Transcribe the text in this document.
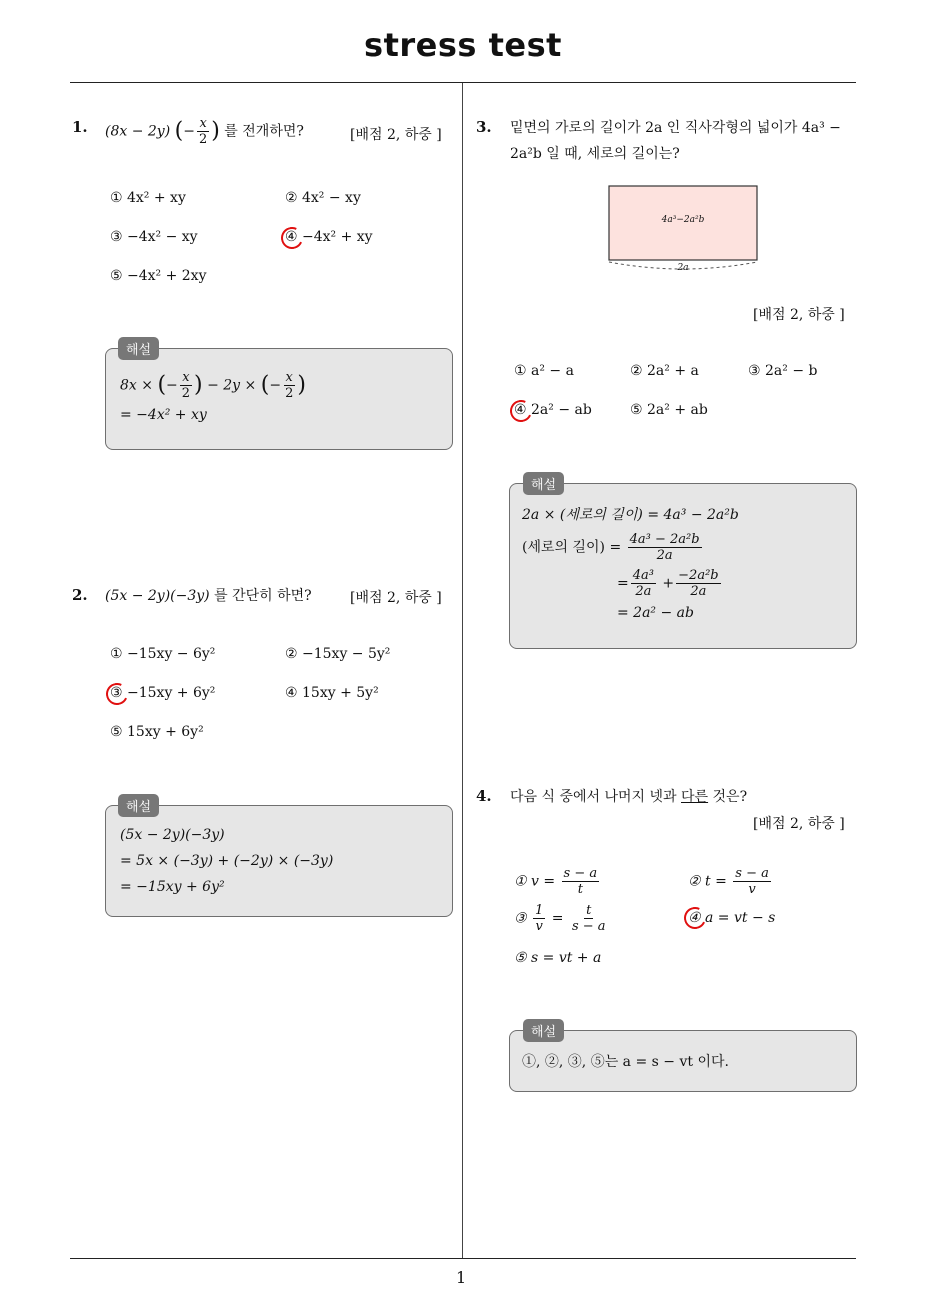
stress test
1
1. (8x − 2y) (− $\frac{x}{2}$ ) 를 전개하면?	[배점 2, 하중 ]
① 4x² + xy	② 4x² − xy
③ −4x² − xy	④ −4x² + xy
⑤ −4x² + 2xy
해설
8x × (− $\frac{x}{2}$ ) − 2y × (− $\frac{x}{2}$ )
= −4x² + xy
2. (5x − 2y)(−3y) 를 간단히 하면?	[배점 2, 하중 ]
① −15xy − 6y²	② −15xy − 5y²
③ −15xy + 6y²	④ 15xy + 5y²
⑤ 15xy + 6y²
해설
(5x − 2y)(−3y)
= 5x × (−3y) + (−2y) × (−3y)
= −15xy + 6y²
3. 밑면의 가로의 길이가 2a 인 직사각형의 넓이가 4a³ −
2a²b 일 때, 세로의 길이는?
4a³−2a²b
2a
[배점 2, 하중 ]
① a² − a	② 2a² + a	③ 2a² − b
④ 2a² − ab	⑤ 2a² + ab
해설
2a × (세로의 길이) = 4a³ − 2a²b
(세로의 길이) = $\frac{\text{4a³ − 2a²b}}{2a}$
= $\frac{\text{4a³}}{2a} + \frac{\text{−2a²b}}{2a}$
= 2a² − ab
4. 다음 식 중에서 나머지 넷과 다른 것은?
[배점 2, 하중 ]
① $v = \frac{s - a}{t}$	② $t = \frac{s - a}{v}$
③ $\frac{1}{v} = \frac{t}{s - a}$	④ a = vt − s
⑤ s = vt + a
해설
①, ②, ③, ⑤는 a = s − vt 이다.
